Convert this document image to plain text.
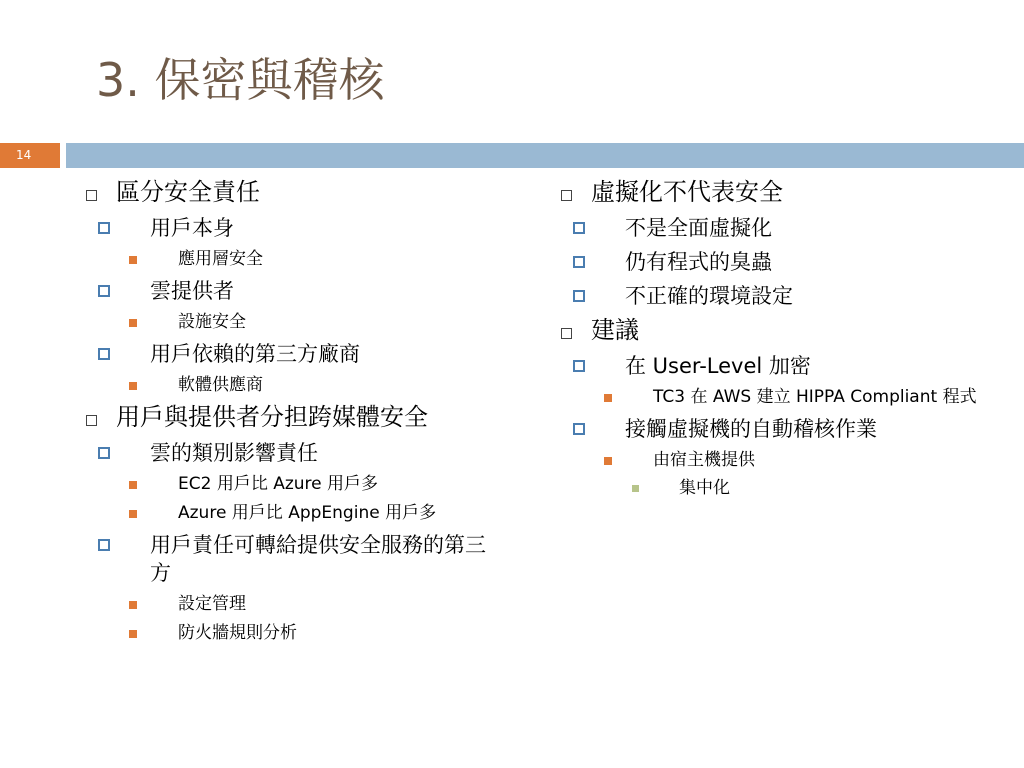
3. 保密與稽核
14
區分安全責任
用戶本身
應用層安全
雲提供者
設施安全
用戶依賴的第三方廠商
軟體供應商
用戶與提供者分担跨媒體安全
雲的類別影響責任
EC2 用戶比 Azure 用戶多
Azure 用戶比 AppEngine 用戶多
用戶責任可轉給提供安全服務的第三方
設定管理
防火牆規則分析
虛擬化不代表安全
不是全面虛擬化
仍有程式的臭蟲
不正確的環境設定
建議
在 User-Level 加密
TC3 在 AWS 建立 HIPPA Compliant 程式
接觸虛擬機的自動稽核作業
由宿主機提供
集中化
